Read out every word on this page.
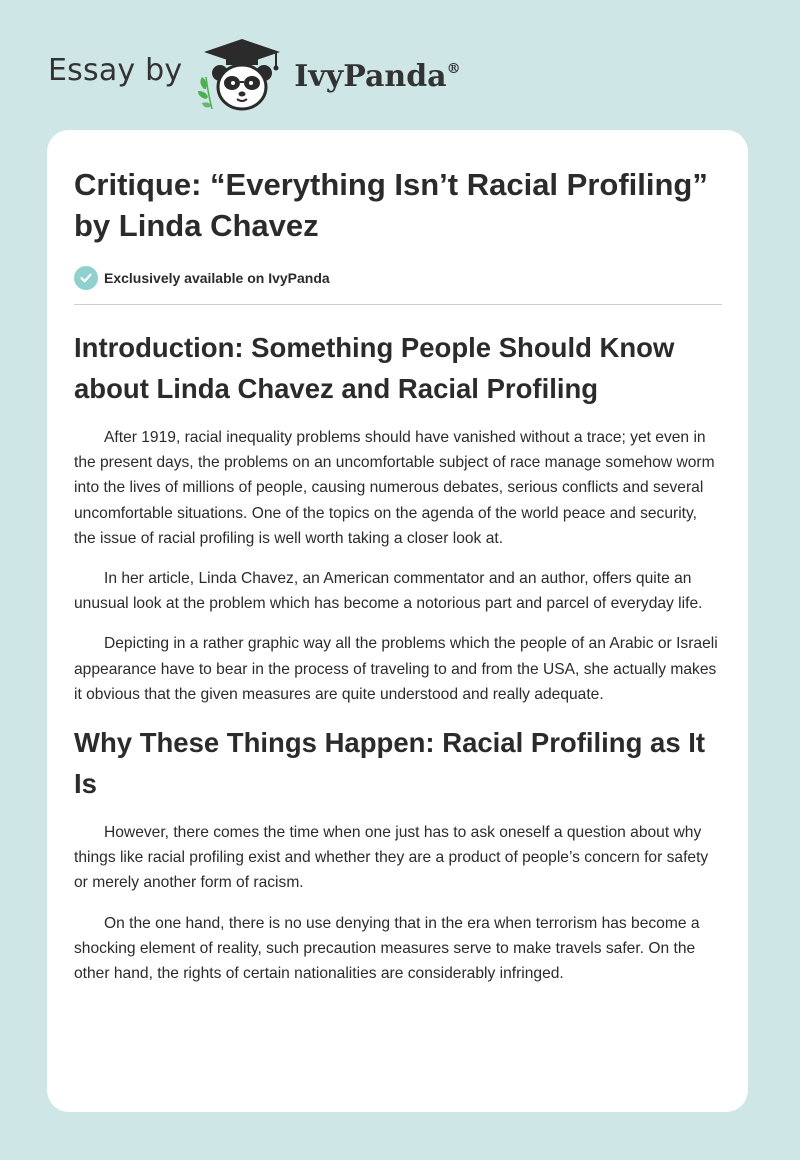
Essay by	IvyPanda®
Critique: “Everything Isn’t Racial Profiling” by Linda Chavez
Exclusively available on IvyPanda
Introduction: Something People Should Know about Linda Chavez and Racial Profiling

After 1919, racial inequality problems should have vanished without a trace; yet even in the present days, the problems on an uncomfortable subject of race manage somehow worm into the lives of millions of people, causing numerous debates, serious conflicts and several uncomfortable situations. One of the topics on the agenda of the world peace and security, the issue of racial profiling is well worth taking a closer look at.

In her article, Linda Chavez, an American commentator and an author, offers quite an unusual look at the problem which has become a notorious part and parcel of everyday life.

Depicting in a rather graphic way all the problems which the people of an Arabic or Israeli appearance have to bear in the process of traveling to and from the USA, she actually makes it obvious that the given measures are quite understood and really adequate.

Why These Things Happen: Racial Profiling as It Is

However, there comes the time when one just has to ask oneself a question about why things like racial profiling exist and whether they are a product of people’s concern for safety or merely another form of racism.

On the one hand, there is no use denying that in the era when terrorism has become a shocking element of reality, such precaution measures serve to make travels safer. On the other hand, the rights of certain nationalities are considerably infringed.
